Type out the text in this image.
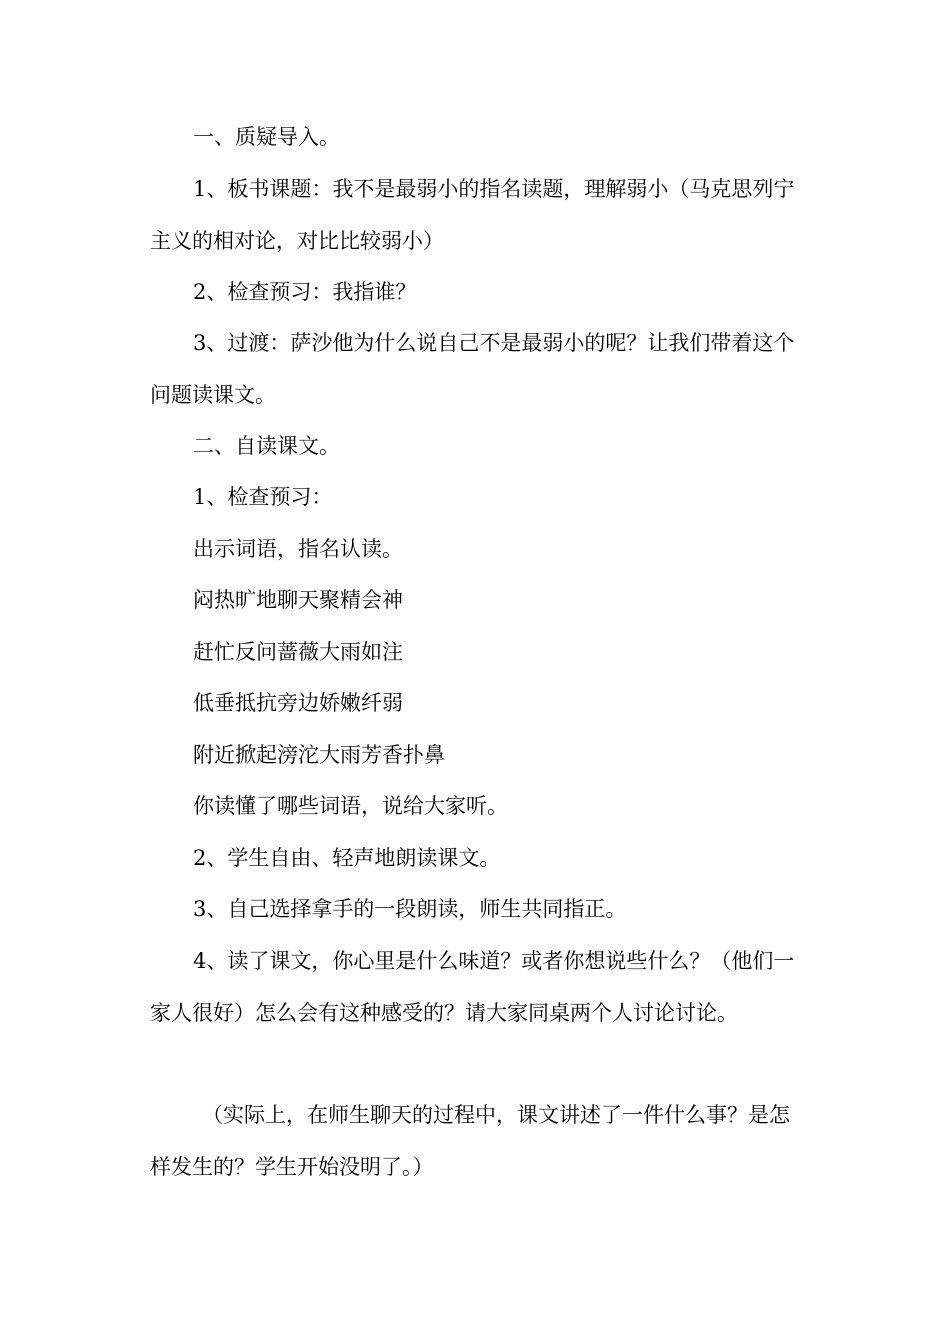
一、质疑导入。

1、板书课题：我不是最弱小的指名读题，理解弱小（马克思列宁主义的相对论，对比比较弱小）

2、检查预习：我指谁？

3、过渡：萨沙他为什么说自己不是最弱小的呢？让我们带着这个问题读课文。

二、自读课文。

1、检查预习：

出示词语，指名认读。

闷热旷地聊天聚精会神

赶忙反问蔷薇大雨如注

低垂抵抗旁边娇嫩纤弱

附近掀起滂沱大雨芳香扑鼻

你读懂了哪些词语，说给大家听。

2、学生自由、轻声地朗读课文。

3、自己选择拿手的一段朗读，师生共同指正。

4、读了课文，你心里是什么味道？或者你想说些什么？（他们一家人很好）怎么会有这种感受的？请大家同桌两个人讨论讨论。

（实际上，在师生聊天的过程中，课文讲述了一件什么事？是怎样发生的？学生开始没明了。）
